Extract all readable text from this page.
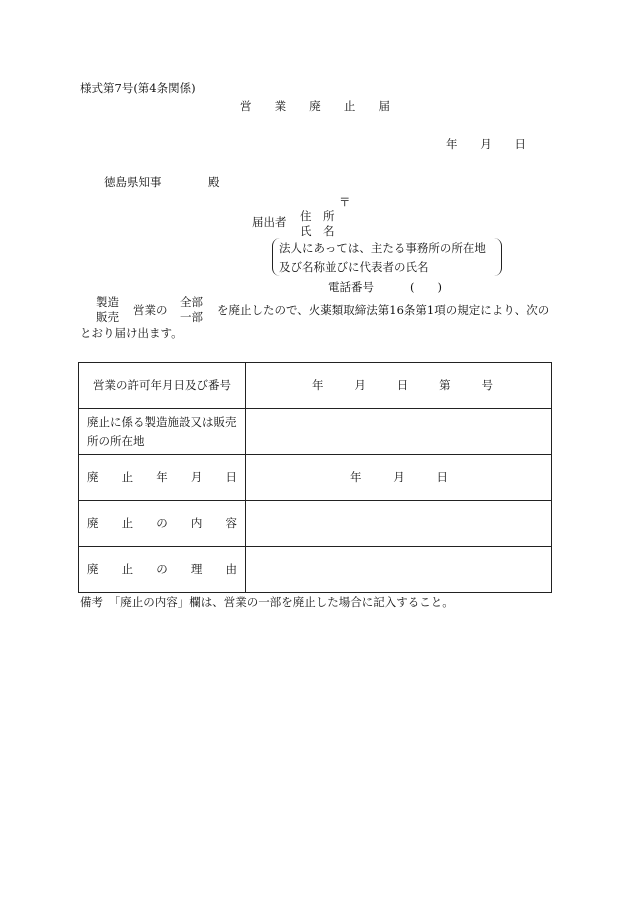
様式第7号(第4条関係)
営 業 廃 止 届
年 月 日
徳島県知事	殿
〒
届出者 住　所
氏　名
法人にあっては、主たる事務所の所在地
及び名称並びに代表者の氏名
電話番号	(　　)
製造
販売 営業の
全部
一部 を廃止したので、火薬類取締法第16条第1項の規定により、次の
とおり届け出ます。
営業の許可年月日及び番号	年 月 日 第 号

廃止に係る製造施設又は販売所の所在地	

廃 止 年 月 日	年 月 日

廃 止 の 内 容	

廃 止 の 理 由	

備考　「廃止の内容」欄は、営業の一部を廃止した場合に記入すること。
